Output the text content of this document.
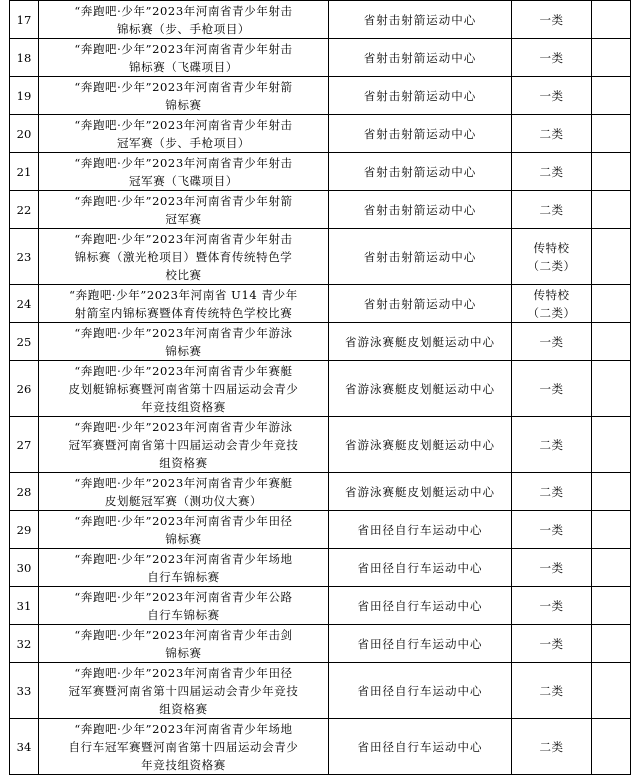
17	“奔跑吧·少年”2023年河南省青少年射击
锦标赛（步、手枪项目）	省射击射箭运动中心	一类	

18	“奔跑吧·少年”2023年河南省青少年射击
锦标赛（飞碟项目）	省射击射箭运动中心	一类	

19	“奔跑吧·少年”2023年河南省青少年射箭
锦标赛	省射击射箭运动中心	一类	

20	“奔跑吧·少年”2023年河南省青少年射击
冠军赛（步、手枪项目）	省射击射箭运动中心	二类	

21	“奔跑吧·少年”2023年河南省青少年射击
冠军赛（飞碟项目）	省射击射箭运动中心	二类	

22	“奔跑吧·少年”2023年河南省青少年射箭
冠军赛	省射击射箭运动中心	二类	

23	“奔跑吧·少年”2023年河南省青少年射击
锦标赛（激光枪项目）暨体育传统特色学
校比赛	省射击射箭运动中心	传特校
（二类）	

24	“奔跑吧·少年”2023年河南省 U14 青少年
射箭室内锦标赛暨体育传统特色学校比赛	省射击射箭运动中心	传特校
（二类）	

25	“奔跑吧·少年”2023年河南省青少年游泳
锦标赛	省游泳赛艇皮划艇运动中心	一类	

26	“奔跑吧·少年”2023年河南省青少年赛艇
皮划艇锦标赛暨河南省第十四届运动会青少
年竞技组资格赛	省游泳赛艇皮划艇运动中心	一类	

27	“奔跑吧·少年”2023年河南省青少年游泳
冠军赛暨河南省第十四届运动会青少年竞技
组资格赛	省游泳赛艇皮划艇运动中心	二类	

28	“奔跑吧·少年”2023年河南省青少年赛艇
皮划艇冠军赛（测功仪大赛）	省游泳赛艇皮划艇运动中心	二类	

29	“奔跑吧·少年”2023年河南省青少年田径
锦标赛	省田径自行车运动中心	一类	

30	“奔跑吧·少年”2023年河南省青少年场地
自行车锦标赛	省田径自行车运动中心	一类	

31	“奔跑吧·少年”2023年河南省青少年公路
自行车锦标赛	省田径自行车运动中心	一类	

32	“奔跑吧·少年”2023年河南省青少年击剑
锦标赛	省田径自行车运动中心	一类	

33	“奔跑吧·少年”2023年河南省青少年田径
冠军赛暨河南省第十四届运动会青少年竞技
组资格赛	省田径自行车运动中心	二类	

34	“奔跑吧·少年”2023年河南省青少年场地
自行车冠军赛暨河南省第十四届运动会青少
年竞技组资格赛	省田径自行车运动中心	二类	
